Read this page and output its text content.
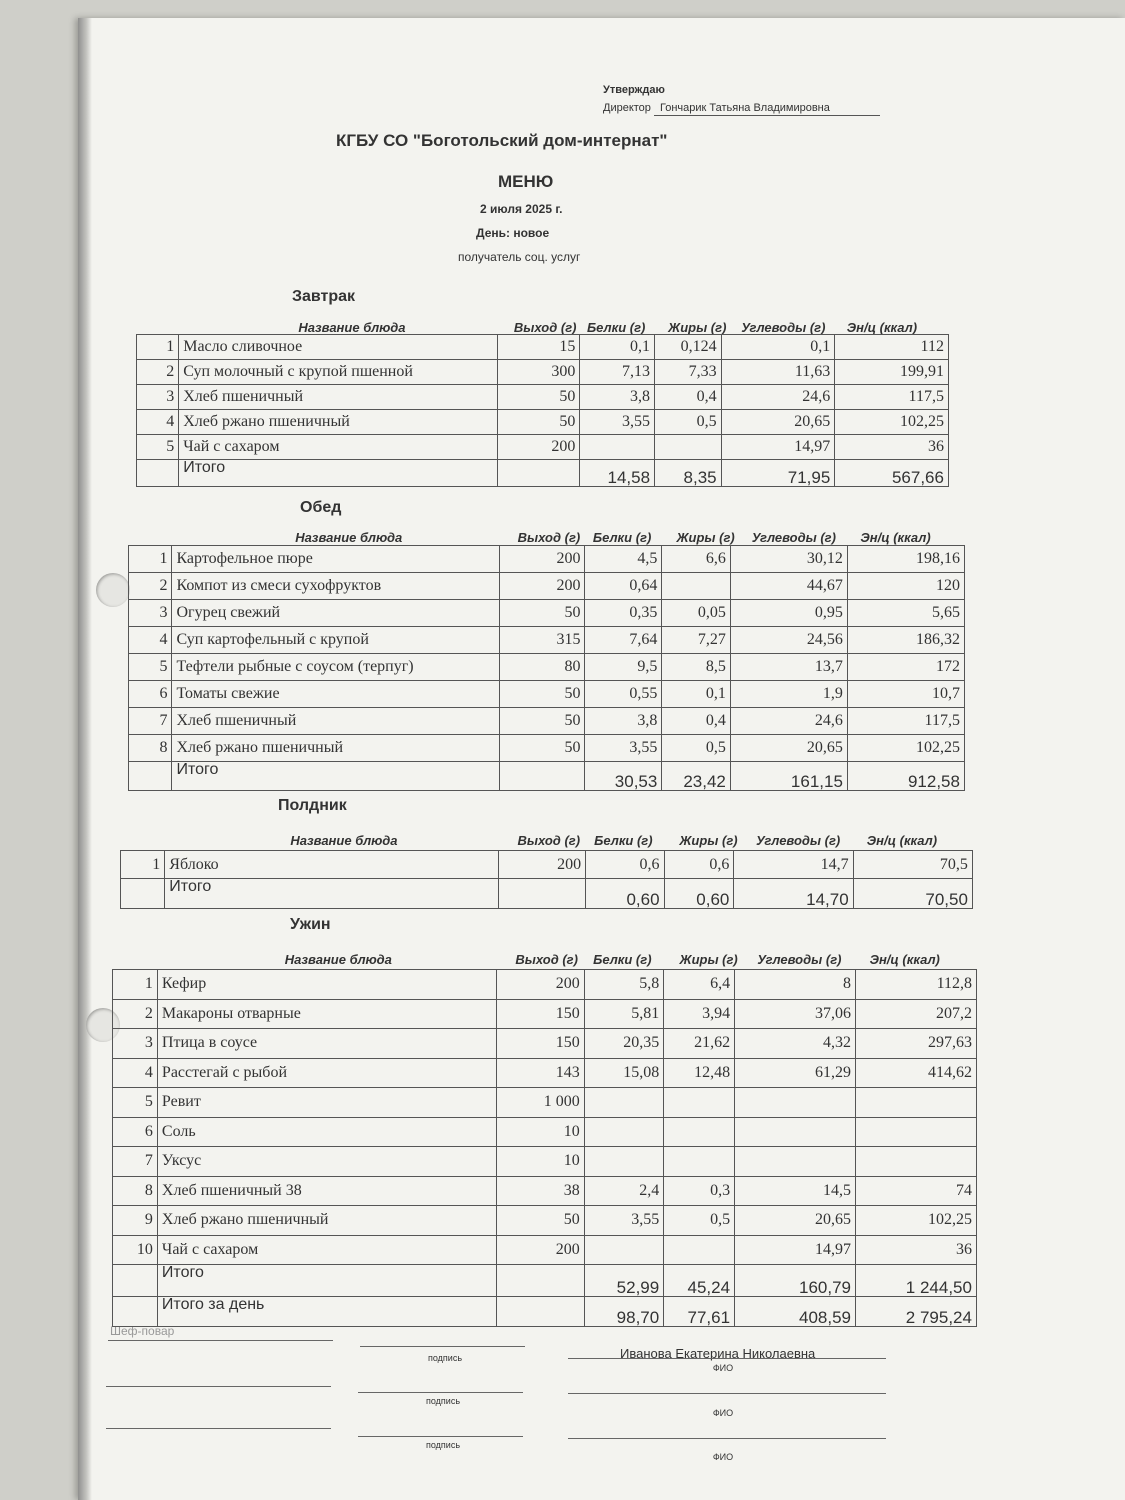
Утверждаю
Директор Гончарик Татьяна Владимировна
КГБУ СО "Боготольский дом-интернат"
МЕНЮ
2 июля 2025 г.
День: новое
получатель соц. услуг
Шеф-повар
Иванова Екатерина Николаевна
подпись
ФИО
подпись
ФИО
подпись
ФИО
Завтрак
Название блюда	Выход (г) Белки (г) Жиры (г) Углеводы (г) Эн/ц (ккал)
1	Масло сливочное	15	0,1	0,124	0,1	112
2	Суп молочный с крупой пшенной	300	7,13	7,33	11,63	199,91
3	Хлеб пшеничный	50	3,8	0,4	24,6	117,5
4	Хлеб ржано пшеничный	50	3,55	0,5	20,65	102,25
5	Чай с сахаром	200			14,97	36
	Итого		14,58	8,35	71,95	567,66
Обед
Название блюда	Выход (г) Белки (г) Жиры (г) Углеводы (г) Эн/ц (ккал)
1	Картофельное пюре	200	4,5	6,6	30,12	198,16
2	Компот из смеси сухофруктов	200	0,64		44,67	120
3	Огурец свежий	50	0,35	0,05	0,95	5,65
4	Суп картофельный с крупой	315	7,64	7,27	24,56	186,32
5	Тефтели рыбные с соусом (терпуг)	80	9,5	8,5	13,7	172
6	Томаты свежие	50	0,55	0,1	1,9	10,7
7	Хлеб пшеничный	50	3,8	0,4	24,6	117,5
8	Хлеб ржано пшеничный	50	3,55	0,5	20,65	102,25
	Итого		30,53	23,42	161,15	912,58
Полдник
Название блюда	Выход (г) Белки (г) Жиры (г) Углеводы (г) Эн/ц (ккал)
1	Яблоко	200	0,6	0,6	14,7	70,5
	Итого		0,60	0,60	14,70	70,50
Ужин
Название блюда	Выход (г) Белки (г) Жиры (г) Углеводы (г) Эн/ц (ккал)
1	Кефир	200	5,8	6,4	8	112,8
2	Макароны отварные	150	5,81	3,94	37,06	207,2
3	Птица в соусе	150	20,35	21,62	4,32	297,63
4	Расстегай с рыбой	143	15,08	12,48	61,29	414,62
5	Ревит	1 000				
6	Соль	10				
7	Уксус	10				
8	Хлеб пшеничный 38	38	2,4	0,3	14,5	74
9	Хлеб ржано пшеничный	50	3,55	0,5	20,65	102,25
10	Чай с сахаром	200			14,97	36
	Итого		52,99	45,24	160,79	1 244,50
	Итого за день		98,70	77,61	408,59	2 795,24
